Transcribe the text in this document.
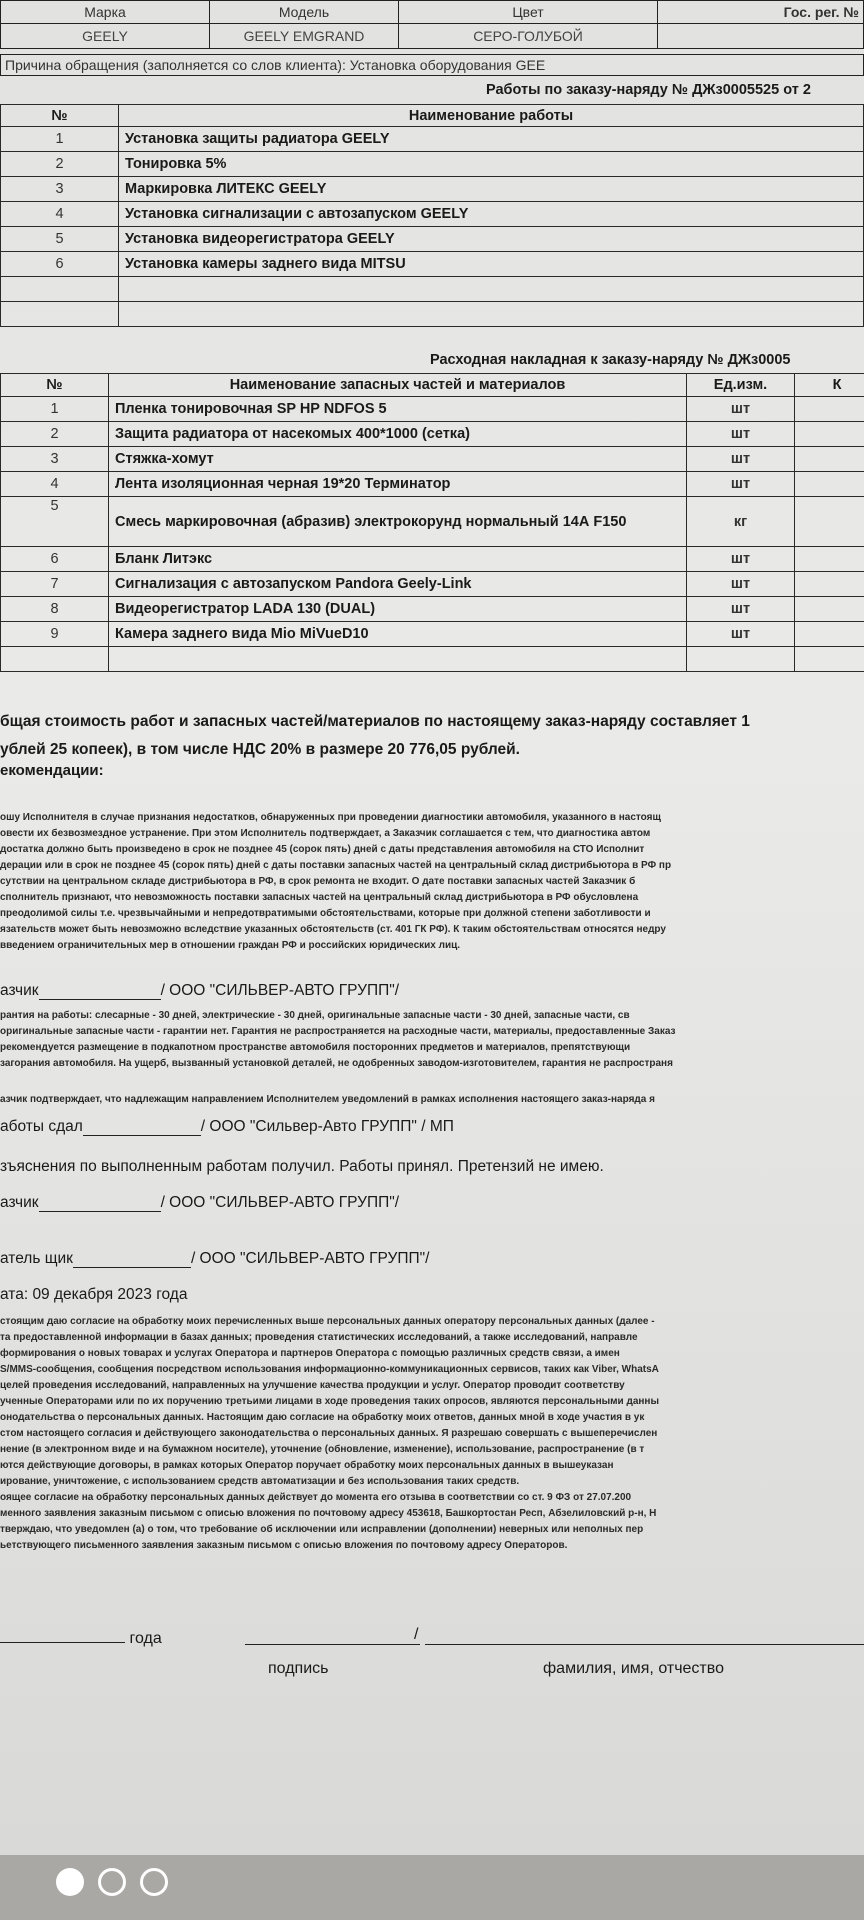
Марка	Модель	Цвет	Гос. рег. №
GEELY	GEELY EMGRAND	СЕРО-ГОЛУБОЙ	
Причина обращения (заполняется со слов клиента): Установка оборудования GEE
Работы по заказу-наряду № ДЖз0005525 от 2
№	Наименование работы
1	Установка защиты радиатора GEELY
2	Тонировка 5%
3	Маркировка ЛИТЕКС GEELY
4	Установка сигнализации с автозапуском GEELY
5	Установка видеорегистратора GEELY
6	Установка камеры заднего вида MITSU

Расходная накладная к заказу-наряду № ДЖз0005
№	Наименование запасных частей и материалов	Ед.изм.	К
1	Пленка тонировочная SP HP NDFOS 5	шт	
2	Защита радиатора от насекомых 400*1000 (сетка)	шт	
3	Стяжка-хомут	шт	
4	Лента изоляционная черная 19*20 Терминатор	шт	
5	Смесь маркировочная (абразив) электрокорунд нормальный 14А F150	кг	
6	Бланк Литэкс	шт	
7	Сигнализация с автозапуском Pandora Geely-Link	шт	
8	Видеорегистратор LADA 130 (DUAL)	шт	
9	Камера заднего вида Mio MiVueD10	шт	

бщая стоимость работ и запасных частей/материалов по настоящему заказ-наряду составляет 1
ублей 25 копеек), в том числе НДС 20% в размере 20 776,05 рублей.
екомендации:
ошу Исполнителя в случае признания недостатков, обнаруженных при проведении диагностики автомобиля, указанного в настоящ
овести их безвозмездное устранение. При этом Исполнитель подтверждает, а Заказчик соглашается с тем, что диагностика автом
достатка должно быть произведено в срок не позднее 45 (сорок пять) дней с даты представления автомобиля на СТО Исполнит
дерации или в срок не позднее 45 (сорок пять) дней с даты поставки запасных частей на центральный склад дистрибьютора в РФ пр
сутствии на центральном складе дистрибьютора в РФ, в срок ремонта не входит. О дате поставки запасных частей Заказчик б
сполнитель признают, что невозможность поставки запасных частей на центральный склад дистрибьютора в РФ обусловлена
преодолимой силы т.е. чрезвычайными и непредотвратимыми обстоятельствами, которые при должной степени заботливости и
язательств может быть невозможно вследствие указанных обстоятельств (ст. 401 ГК РФ). К таким обстоятельствам относятся недру
введением ограничительных мер в отношении граждан РФ и российских юридических лиц.
азчик	/ ООО "СИЛЬВЕР-АВТО ГРУПП"/
рантия на работы: слесарные - 30 дней, электрические - 30 дней, оригинальные запасные части - 30 дней, запасные части, св
оригинальные запасные части - гарантии нет. Гарантия не распространяется на расходные части, материалы, предоставленные Заказ
рекомендуется размещение в подкапотном пространстве автомобиля посторонних предметов и материалов, препятствующи
загорания автомобиля. На ущерб, вызванный установкой деталей, не одобренных заводом-изготовителем, гарантия не распространя
азчик подтверждает, что надлежащим направлением Исполнителем уведомлений в рамках исполнения настоящего заказ-наряда я
аботы сдал	/ ООО "Сильвер-Авто ГРУПП" / МП
зъяснения по выполненным работам получил. Работы принял. Претензий не имею.
азчик	/ ООО "СИЛЬВЕР-АВТО ГРУПП"/
атель щик	/ ООО "СИЛЬВЕР-АВТО ГРУПП"/
ата: 09 декабря 2023 года
стоящим даю согласие на обработку моих перечисленных выше персональных данных оператору персональных данных (далее -
та предоставленной информации в базах данных; проведения статистических исследований, а также исследований, направле
формирования о новых товарах и услугах Оператора и партнеров Оператора с помощью различных средств связи, а имен
S/MMS-сообщения, сообщения посредством использования информационно-коммуникационных сервисов, таких как Viber, WhatsA
целей проведения исследований, направленных на улучшение качества продукции и услуг. Оператор проводит соответству
ученные Операторами или по их поручению третьими лицами в ходе проведения таких опросов, являются персональными данны
онодательства о персональных данных. Настоящим даю согласие на обработку моих ответов, данных мной в ходе участия в ук
стом настоящего согласия и действующего законодательства о персональных данных. Я разрешаю совершать с вышеперечислен
нение (в электронном виде и на бумажном носителе), уточнение (обновление, изменение), использование, распространение (в т
ются действующие договоры, в рамках которых Оператор поручает обработку моих персональных данных в вышеуказан
ирование, уничтожение, с использованием средств автоматизации и без использования таких средств.
оящее согласие на обработку персональных данных действует до момента его отзыва в соответствии со ст. 9 ФЗ от 27.07.200
менного заявления заказным письмом с описью вложения по почтовому адресу 453618, Башкортостан Респ, Абзелиловский р-н, Н
тверждаю, что уведомлен (а) о том, что требование об исключении или исправлении (дополнении) неверных или неполных пер
ьетствующего письменного заявления заказным письмом с описью вложения по почтовому адресу Операторов.
года	/
подпись	фамилия, имя, отчество
